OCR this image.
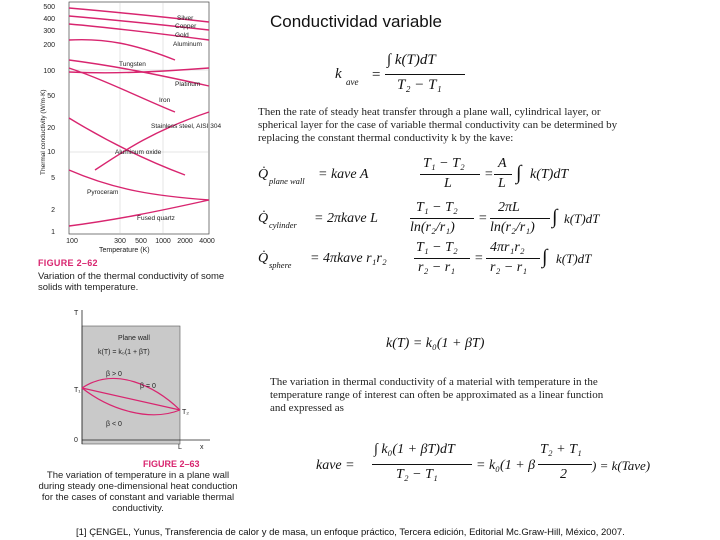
Conductividad variable
500
400
300
200
100
50
20
10
5
2
1
100	300 500 1000 2000 4000
Thermal conductivity (W/m·K)
Silver
Copper
Gold
Aluminum
Tungsten
Platinum
Iron
Stainless steel, AISI 304
Aluminum oxide
Pyroceram
Fused quartz
Temperature (K)
FIGURE 2–62
Variation of the thermal conductivity of some solids with temperature.
k ave =
∫ k(T)dT
T₂ − T₁
Then the rate of steady heat transfer through a plane wall, cylindrical layer, or spherical layer for the case of variable thermal conductivity can be determined by replacing the constant thermal conductivity k by the kave:
Q̇ plane wall = kave A
T₁ − T₂
L
=
A
L ∫ k(T)dT
Q̇ cylinder = 2πkave L
T₁ − T₂
ln(r₂/r₁)
=
2πL
ln(r₂/r₁) ∫ k(T)dT
Q̇ sphere = 4πkave r₁r₂
T₁ − T₂
r₂ − r₁
=
4πr₁r₂
r₂ − r₁ ∫ k(T)dT
k(T) = k₀(1 + βT)
The variation in thermal conductivity of a material with temperature in the temperature range of interest can often be approximated as a linear function and expressed as
kave =
∫ k₀(1 + βT)dT
T₂ − T₁
= k₀(1 + β
T₂ + T₁
2
) = k(Tave)
T
x
Plane wall
k(T) = k₀(1 + βT)
β > 0
β = 0
β < 0
T₁
T₂
0
L
FIGURE 2–63
The variation of temperature in a plane wall during steady one-dimensional heat conduction for the cases of constant and variable thermal conductivity.
[1] ÇENGEL, Yunus, Transferencia de calor y de masa, un enfoque práctico, Tercera edición, Editorial Mc.Graw-Hill, México, 2007.
